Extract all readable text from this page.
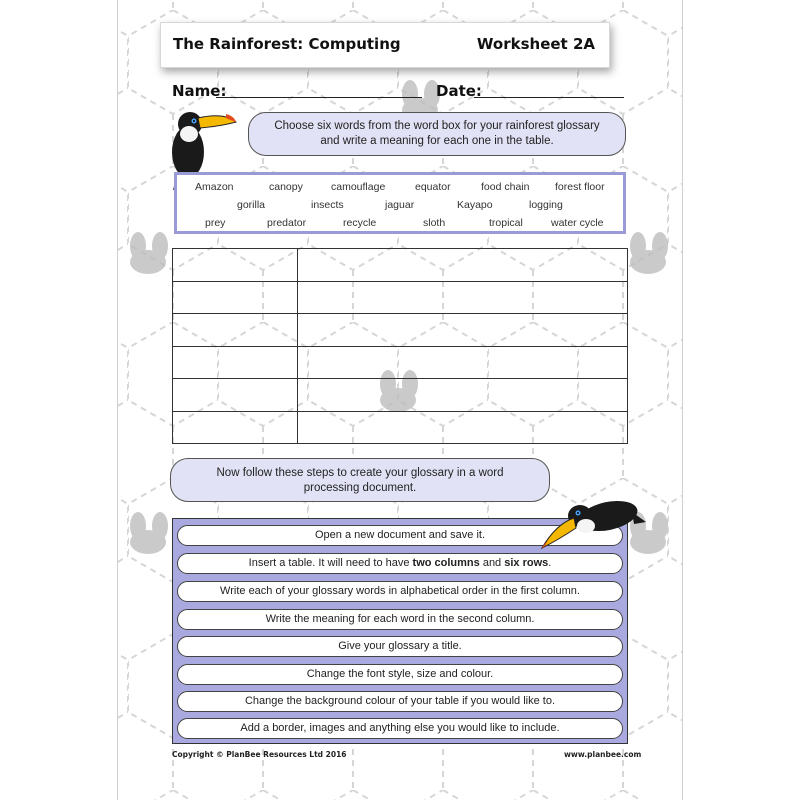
The Rainforest: Computing	Worksheet 2A
Name:	Date:
Choose six words from the word box for your rainforest glossary
and write a meaning for each one in the table.
Amazon	canopy	camouflage	equator	food chain forest floor
gorilla	insects	jaguar	Kayapo	logging
prey	predator	recycle	sloth	tropical	water cycle

Now follow these steps to create your glossary in a word
processing document.
Open a new document and save it.
Insert a table. It will need to have two columns and six rows.
Write each of your glossary words in alphabetical order in the first column.
Write the meaning for each word in the second column.
Give your glossary a title.
Change the font style, size and colour.
Change the background colour of your table if you would like to.
Add a border, images and anything else you would like to include.
Copyright © PlanBee Resources Ltd 2016	www.planbee.com
